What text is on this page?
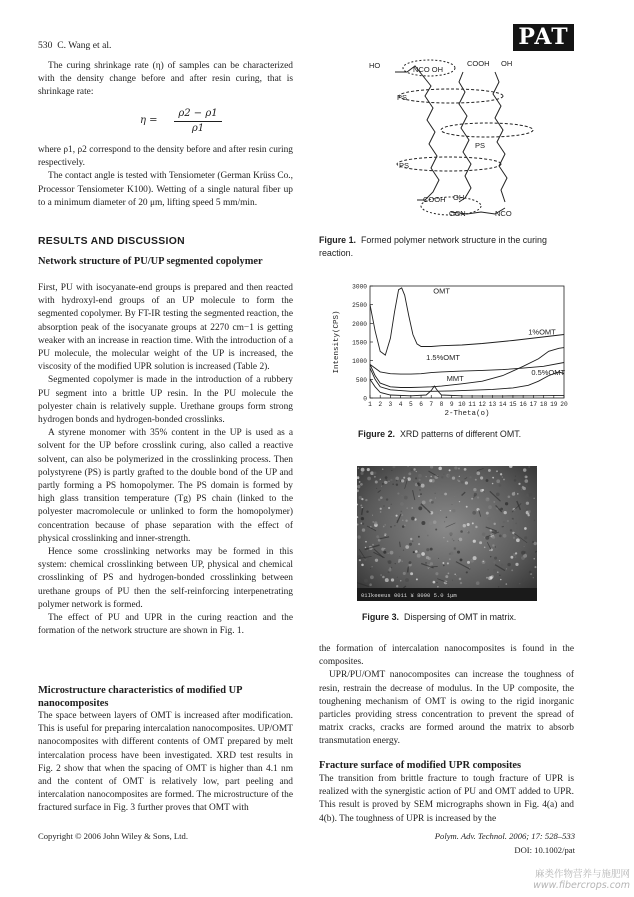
530 C. Wang et al.	PAT

The curing shrinkage rate (η) of samples can be characterized with the density change before and after resin curing, that is shrinkage rate:

η =
ρ2 − ρ1
ρ1

where ρ1, ρ2 correspond to the density before and after resin curing respectively.

The contact angle is tested with Tensiometer (German Krüss Co., Processor Tensiometer K100). Wetting of a single natural fiber up to a minimum diameter of 20 μm, lifting speed 5 mm/min.

RESULTS AND DISCUSSION
Network structure of PU/UP segmented copolymer

First, PU with isocyanate-end groups is prepared and then reacted with hydroxyl-end groups of an UP molecule to form the segmented copolymer. By FT-IR testing the segmented reaction, the absorption peak of the isocyanate groups at 2270 cm−1 is getting weaker with an increase in reaction time. With the introduction of a PU molecule, the molecular weight of the UP is increased, the viscosity of the modified UPR solution is increased (Table 2).

Segmented copolymer is made in the introduction of a rubbery PU segment into a brittle UP resin. In the PU molecule the polyester chain is relatively supple. Urethane groups form strong hydrogen bonds and hydrogen-bonded crosslinks.

A styrene monomer with 35% content in the UP is used as a solvent for the UP before crosslink curing, also called a reactive solvent, can also be polymerized in the crosslinking process. Then polystyrene (PS) is partly grafted to the double bond of the UP and partly forming a PS homopolymer. The PS domain is formed by high glass transition temperature (Tg) PS chain (linked to the polyester macromolecule or unlinked to form the homopolymer) concentration because of phase separation with the effect of physical crosslinking and inner-strength.

Hence some crosslinking networks may be formed in this system: chemical crosslinking between UP, physical and chemical crosslinking of PS and hydrogen-bonded crosslinking between urethane groups of PU then the self-reinforcing interpenetrating polymer network is formed.

The effect of PU and UPR in the curing reaction and the formation of the network structure are shown in Fig. 1.

Microstructure characteristics of modified UP nanocomposites

The space between layers of OMT is increased after modification. This is useful for preparing intercalation nanocomposites. UP/OMT nanocomposites with different contents of OMT prepared by melt intercalation process have been investigated. XRD test results in Fig. 2 show that when the spacing of OMT is higher than 4.1 nm and the content of OMT is relatively low, part peeling and intercalation nanocomposites are formed. The microstructure of the fractured surface in Fig. 3 further proves that OMT with

HO	NCO OH
COOH OH
PS
PS
PS
COOH OH
OCN	NCO
Figure 1. Formed polymer network structure in the curing reaction.
0
500
1000
1500
2000
2500
3000
1 2 3 4 5 6 7 8 9 10 11 12 13 14 15 16 17 18 19 20
OMT
1%OMT
1.5%OMT
0.5%OMT
MMT
Intensity(CPS)
2-Theta(o)
Figure 2. XRD patterns of different OMT.
01Ikeeeus 0011 ¥ 8000 5.0 1μm
Figure 3. Dispersing of OMT in matrix.

the formation of intercalation nanocomposites is found in the composites.

UPR/PU/OMT nanocomposites can increase the toughness of resin, restrain the decrease of modulus. In the UP composite, the toughening mechanism of OMT is owing to the rigid inorganic particles providing stress concentration to prevent the spread of matrix cracks, cracks are formed around the matrix to absorb transmutation energy.

Fracture surface of modified UPR composites

The transition from brittle fracture to tough fracture of UPR is realized with the synergistic action of PU and OMT added to UPR. This result is proved by SEM micrographs shown in Fig. 4(a) and 4(b). The toughness of UPR is increased by the

Copyright © 2006 John Wiley & Sons, Ltd.	Polym. Adv. Technol. 2006; 17: 528–533
DOI: 10.1002/pat
麻类作物营养与施肥网
www.fibercrops.com
